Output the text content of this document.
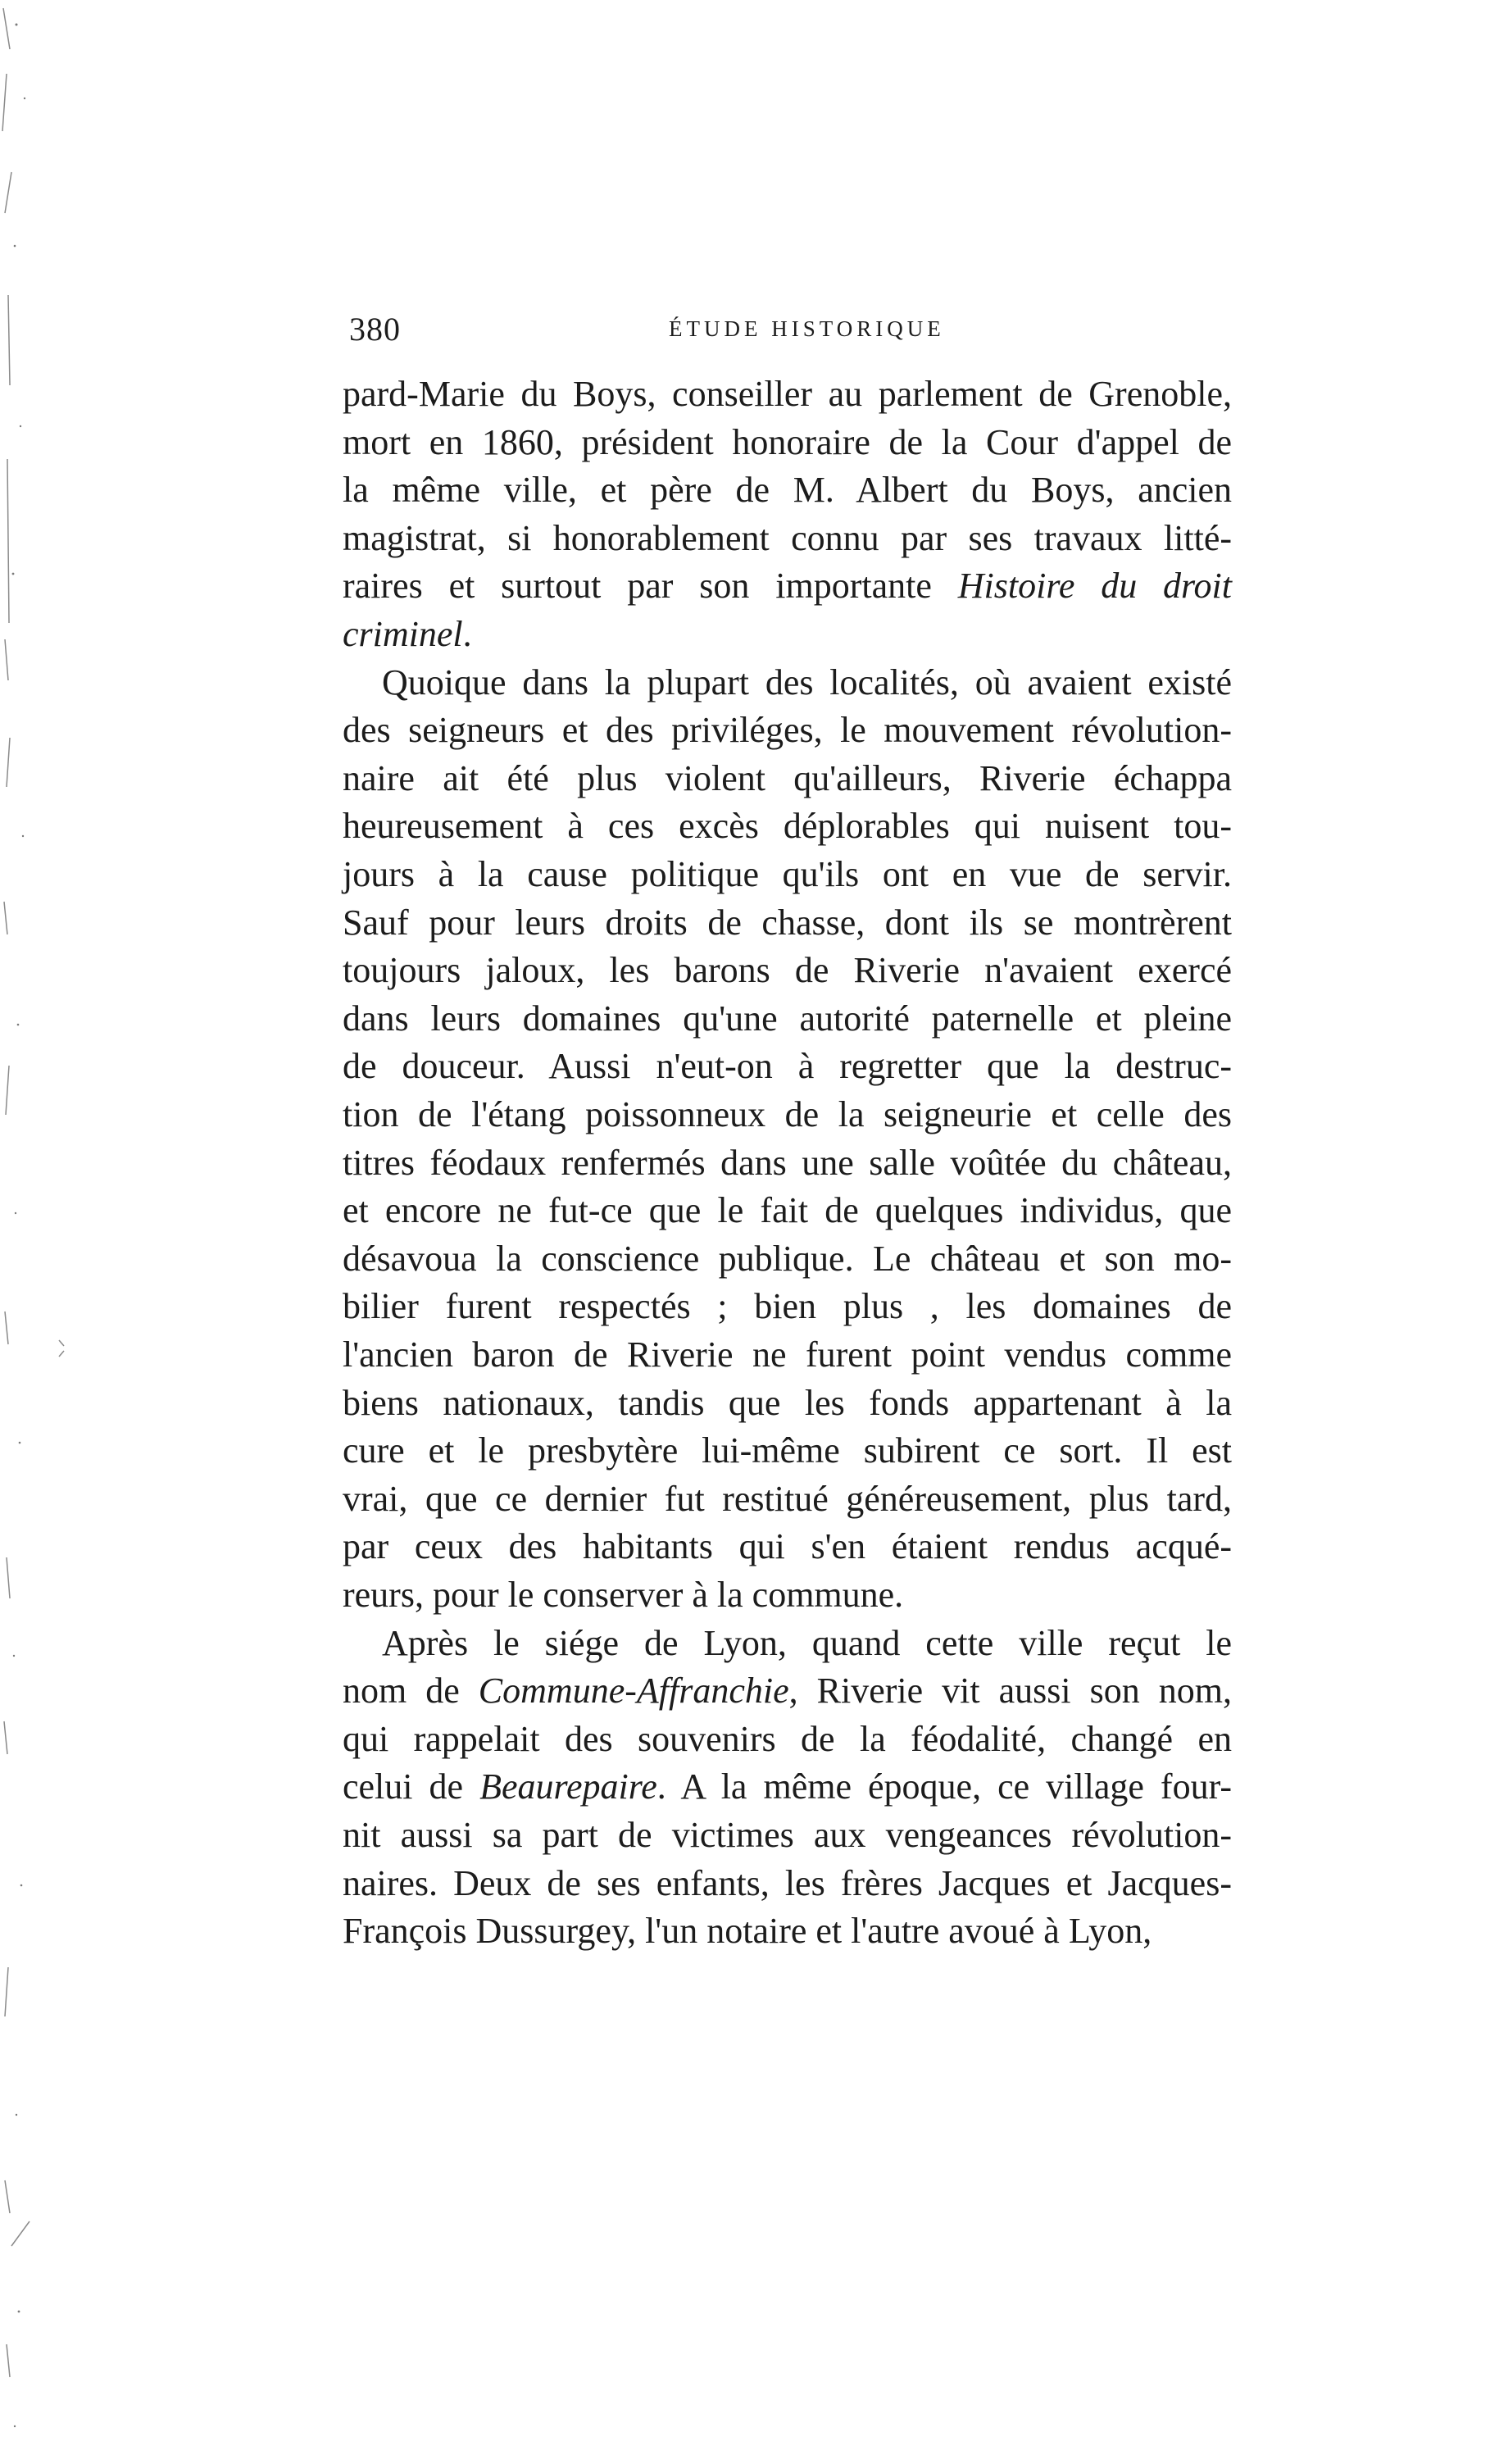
380	ÉTUDE HISTORIQUE
pard-Marie du Boys, conseiller au parlement de Grenoble,
mort en 1860, président honoraire de la Cour d'appel de
la même ville, et père de M. Albert du Boys, ancien
magistrat, si honorablement connu par ses travaux litté-
raires et surtout par son importante Histoire du droit
criminel.
Quoique dans la plupart des localités, où avaient existé
des seigneurs et des priviléges, le mouvement révolution-
naire ait été plus violent qu'ailleurs, Riverie échappa
heureusement à ces excès déplorables qui nuisent tou-
jours à la cause politique qu'ils ont en vue de servir.
Sauf pour leurs droits de chasse, dont ils se montrèrent
toujours jaloux, les barons de Riverie n'avaient exercé
dans leurs domaines qu'une autorité paternelle et pleine
de douceur. Aussi n'eut-on à regretter que la destruc-
tion de l'étang poissonneux de la seigneurie et celle des
titres féodaux renfermés dans une salle voûtée du château,
et encore ne fut-ce que le fait de quelques individus, que
désavoua la conscience publique. Le château et son mo-
bilier furent respectés ; bien plus , les domaines de
l'ancien baron de Riverie ne furent point vendus comme
biens nationaux, tandis que les fonds appartenant à la
cure et le presbytère lui-même subirent ce sort. Il est
vrai, que ce dernier fut restitué généreusement, plus tard,
par ceux des habitants qui s'en étaient rendus acqué-
reurs, pour le conserver à la commune.
Après le siége de Lyon, quand cette ville reçut le
nom de Commune-Affranchie, Riverie vit aussi son nom,
qui rappelait des souvenirs de la féodalité, changé en
celui de Beaurepaire. A la même époque, ce village four-
nit aussi sa part de victimes aux vengeances révolution-
naires. Deux de ses enfants, les frères Jacques et Jacques-
François Dussurgey, l'un notaire et l'autre avoué à Lyon,
